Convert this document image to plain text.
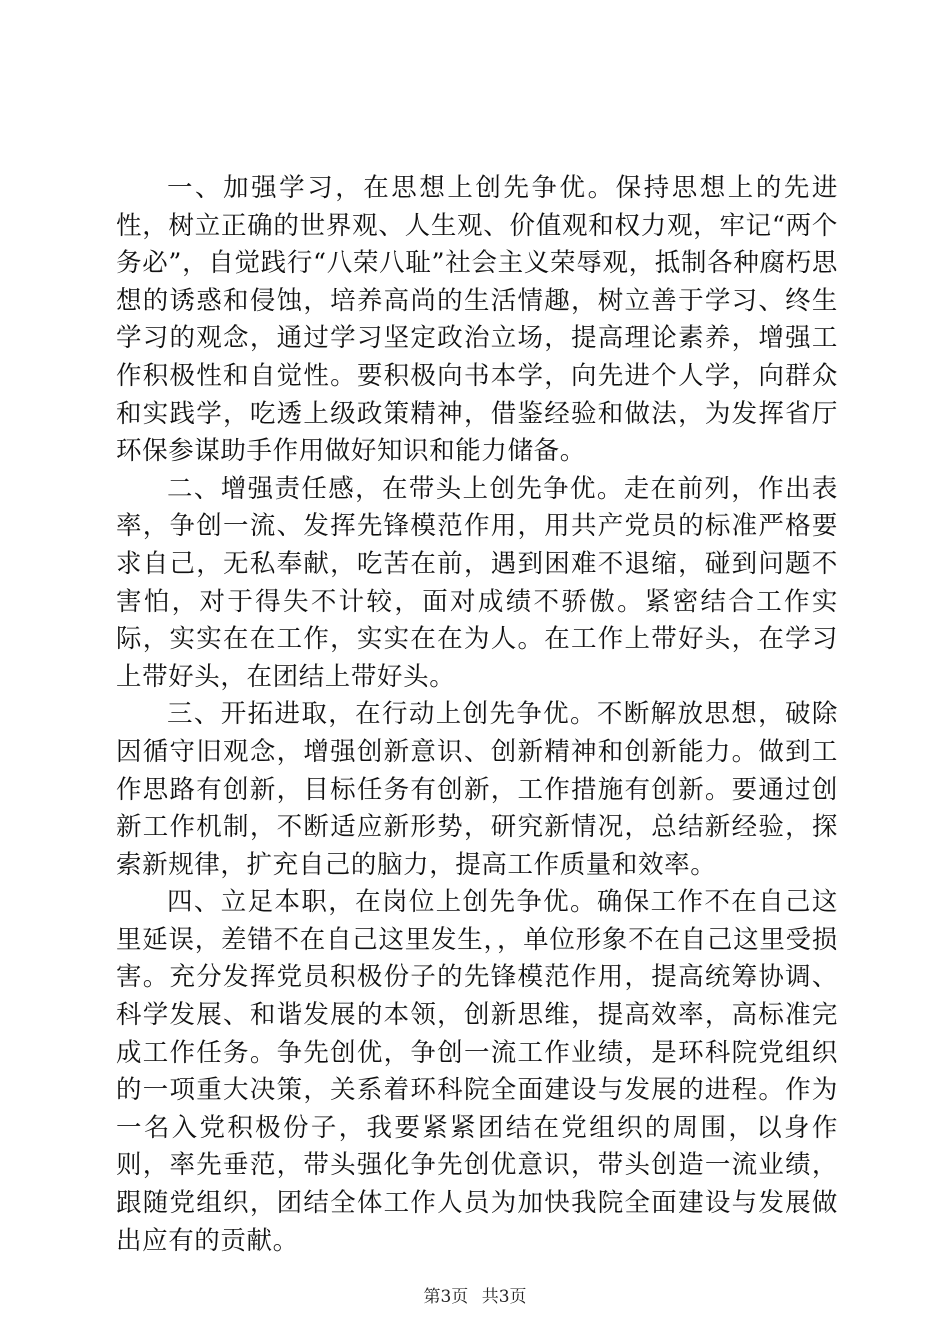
一、加强学习，在思想上创先争优。保持思想上的先进性，树立正确的世界观、人生观、价值观和权力观，牢记“两个务必”，自觉践行“八荣八耻”社会主义荣辱观，抵制各种腐朽思想的诱惑和侵蚀，培养高尚的生活情趣，树立善于学习、终生学习的观念，通过学习坚定政治立场，提高理论素养，增强工作积极性和自觉性。要积极向书本学，向先进个人学，向群众和实践学，吃透上级政策精神，借鉴经验和做法，为发挥省厅环保参谋助手作用做好知识和能力储备。

二、增强责任感，在带头上创先争优。走在前列，作出表率，争创一流、发挥先锋模范作用，用共产党员的标准严格要求自己，无私奉献，吃苦在前，遇到困难不退缩，碰到问题不害怕，对于得失不计较，面对成绩不骄傲。紧密结合工作实际，实实在在工作，实实在在为人。在工作上带好头，在学习上带好头，在团结上带好头。

三、开拓进取，在行动上创先争优。不断解放思想，破除因循守旧观念，增强创新意识、创新精神和创新能力。做到工作思路有创新，目标任务有创新，工作措施有创新。要通过创新工作机制，不断适应新形势，研究新情况，总结新经验，探索新规律，扩充自己的脑力，提高工作质量和效率。

四、立足本职，在岗位上创先争优。确保工作不在自己这里延误，差错不在自己这里发生，，单位形象不在自己这里受损害。充分发挥党员积极份子的先锋模范作用，提高统筹协调、科学发展、和谐发展的本领，创新思维，提高效率，高标准完成工作任务。争先创优，争创一流工作业绩，是环科院党组织的一项重大决策，关系着环科院全面建设与发展的进程。作为一名入党积极份子，我要紧紧团结在党组织的周围，以身作则，率先垂范，带头强化争先创优意识，带头创造一流业绩，跟随党组织，团结全体工作人员为加快我院全面建设与发展做出应有的贡献。

第3页 共3页
